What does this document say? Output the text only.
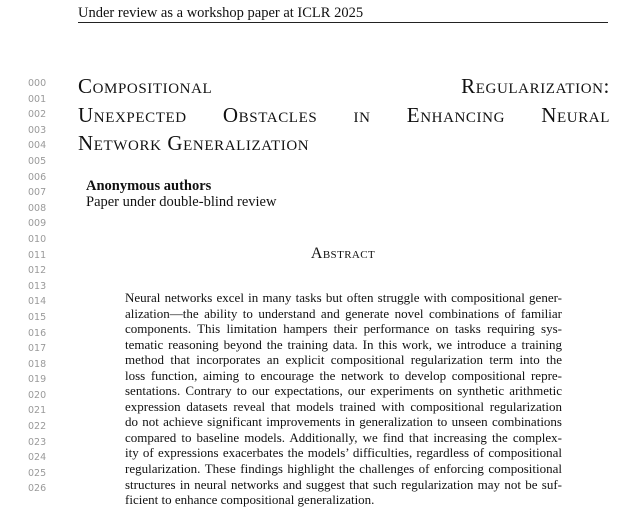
Under review as a workshop paper at ICLR 2025
000
001
002
003
004
005
006
007
008
009
010
011
012
013
014
015
016
017
018
019
020
021
022
023
024
025
026
Compositional Regularization:
Unexpected Obstacles in Enhancing Neural
Network Generalization
Anonymous authors
Paper under double-blind review
Abstract
Neural networks excel in many tasks but often struggle with compositional gener-
alization—the ability to understand and generate novel combinations of familiar
components. This limitation hampers their performance on tasks requiring sys-
tematic reasoning beyond the training data. In this work, we introduce a training
method that incorporates an explicit compositional regularization term into the
loss function, aiming to encourage the network to develop compositional repre-
sentations. Contrary to our expectations, our experiments on synthetic arithmetic
expression datasets reveal that models trained with compositional regularization
do not achieve significant improvements in generalization to unseen combinations
compared to baseline models. Additionally, we find that increasing the complex-
ity of expressions exacerbates the models’ difficulties, regardless of compositional
regularization. These findings highlight the challenges of enforcing compositional
structures in neural networks and suggest that such regularization may not be suf-
ficient to enhance compositional generalization.
